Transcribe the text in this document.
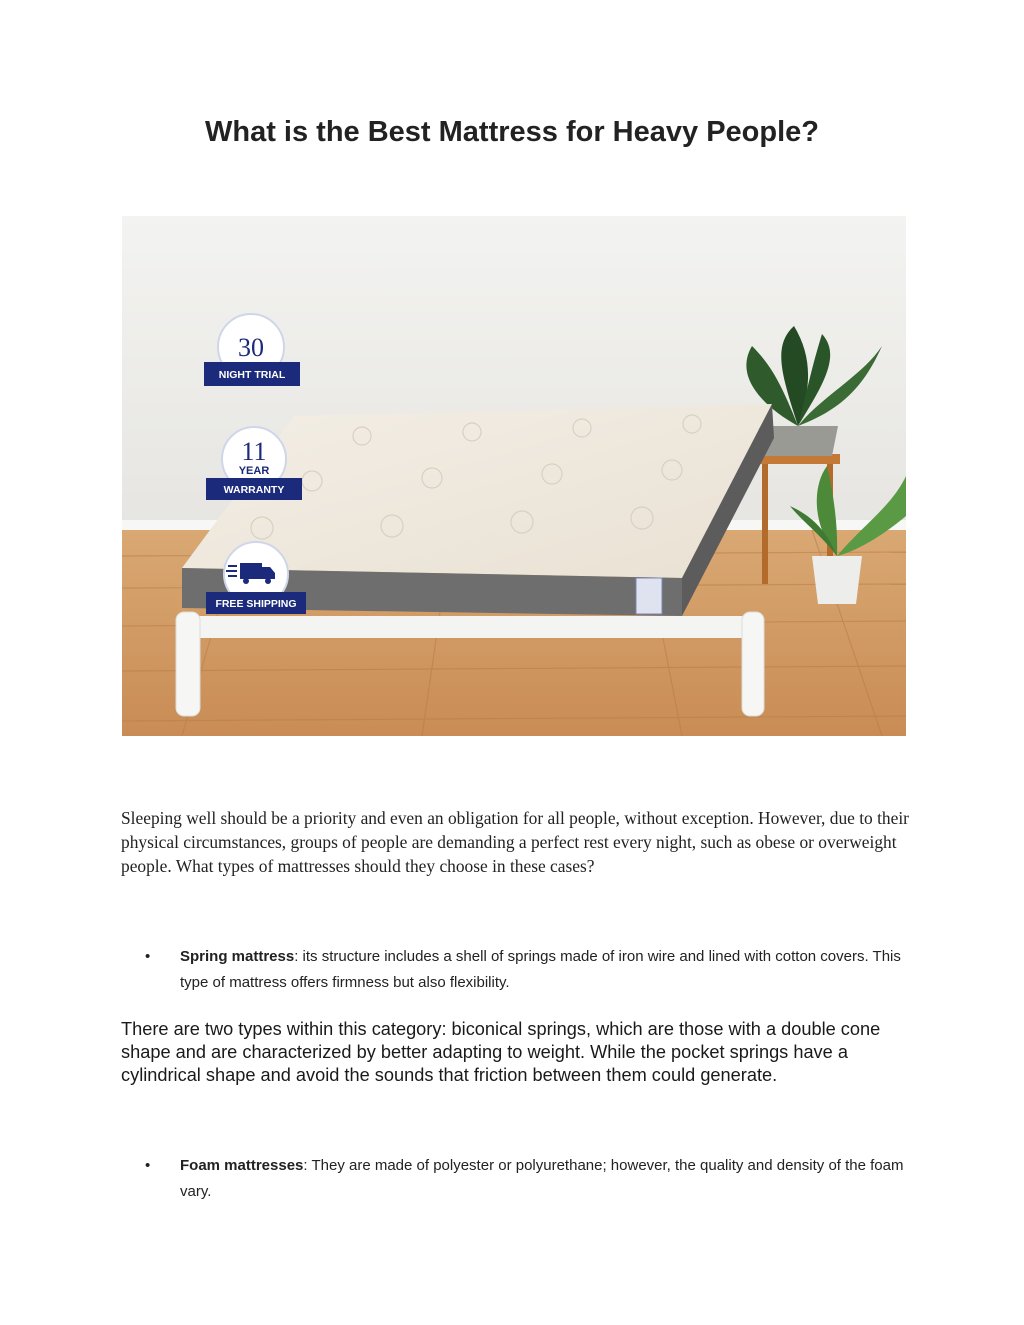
What is the Best Mattress for Heavy People?
30
NIGHT TRIAL
11
YEAR
WARRANTY
FREE SHIPPING

Sleeping well should be a priority and even an obligation for all people, without exception. However, due to their physical circumstances, groups of people are demanding a perfect rest every night, such as obese or overweight people. What types of mattresses should they choose in these cases?

• Spring mattress: its structure includes a shell of springs made of iron wire and lined with cotton covers. This type of mattress offers firmness but also flexibility.

There are two types within this category: biconical springs, which are those with a double cone shape and are characterized by better adapting to weight. While the pocket springs have a cylindrical shape and avoid the sounds that friction between them could generate.

• Foam mattresses: They are made of polyester or polyurethane; however, the quality and density of the foam vary.
